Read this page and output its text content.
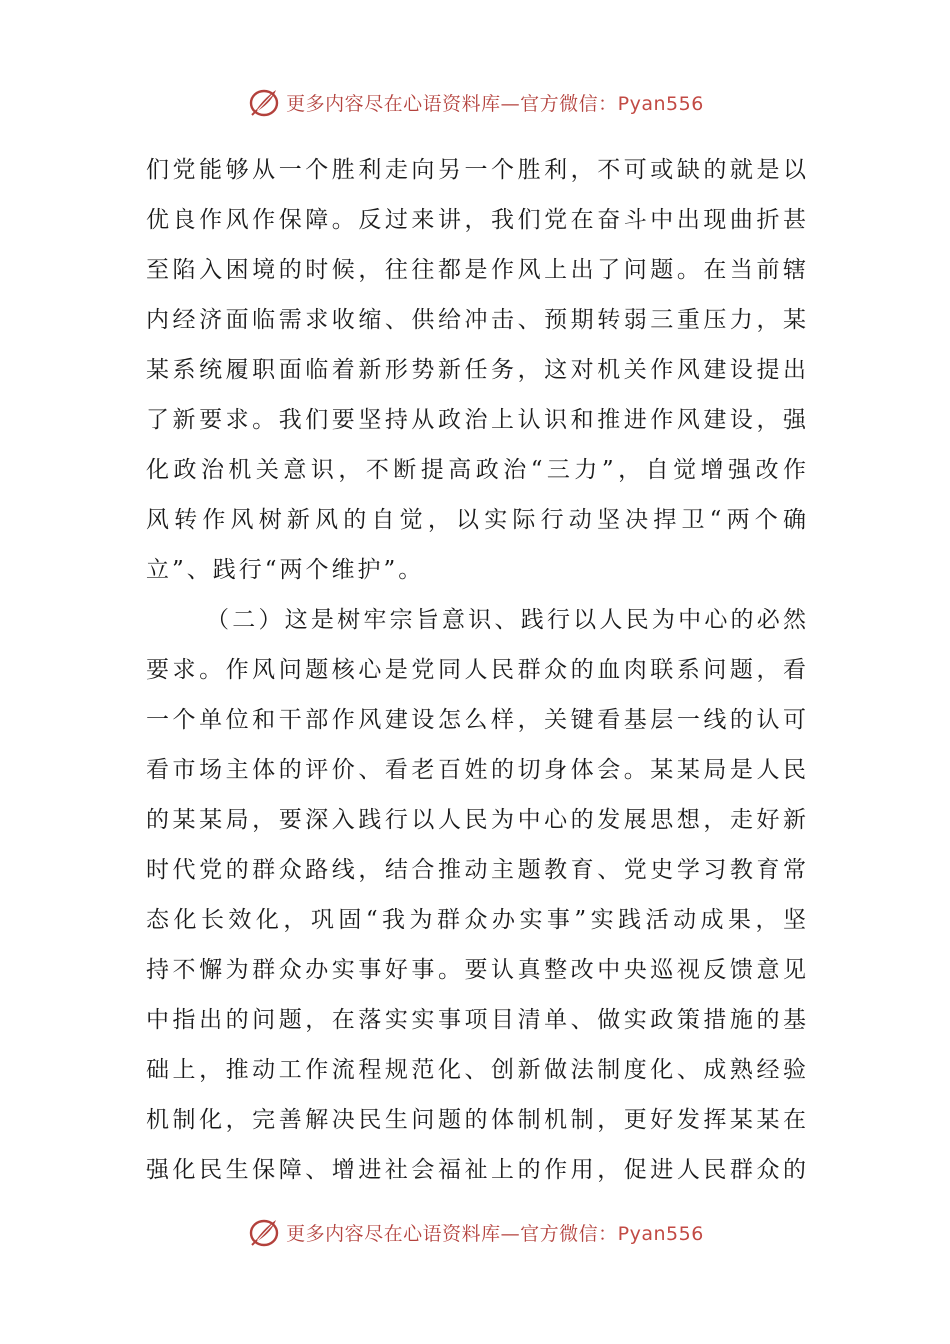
更多内容尽在心语资料库—官方微信：Pyan556
们党能够从一个胜利走向另一个胜利，不可或缺的就是以
优良作风作保障。反过来讲，我们党在奋斗中出现曲折甚
至陷入困境的时候，往往都是作风上出了问题。在当前辖
内经济面临需求收缩、供给冲击、预期转弱三重压力，某
某系统履职面临着新形势新任务，这对机关作风建设提出
了新要求。我们要坚持从政治上认识和推进作风建设，强
化政治机关意识，不断提高政治“三力”，自觉增强改作
风转作风树新风的自觉，以实际行动坚决捍卫“两个确
立”、践行“两个维护”。
（二）这是树牢宗旨意识、践行以人民为中心的必然
要求。作风问题核心是党同人民群众的血肉联系问题，看
一个单位和干部作风建设怎么样，关键看基层一线的认可
看市场主体的评价、看老百姓的切身体会。某某局是人民
的某某局，要深入践行以人民为中心的发展思想，走好新
时代党的群众路线，结合推动主题教育、党史学习教育常
态化长效化，巩固“我为群众办实事”实践活动成果，坚
持不懈为群众办实事好事。要认真整改中央巡视反馈意见
中指出的问题，在落实实事项目清单、做实政策措施的基
础上，推动工作流程规范化、创新做法制度化、成熟经验
机制化，完善解决民生问题的体制机制，更好发挥某某在
强化民生保障、增进社会福祉上的作用，促进人民群众的
更多内容尽在心语资料库—官方微信：Pyan556
